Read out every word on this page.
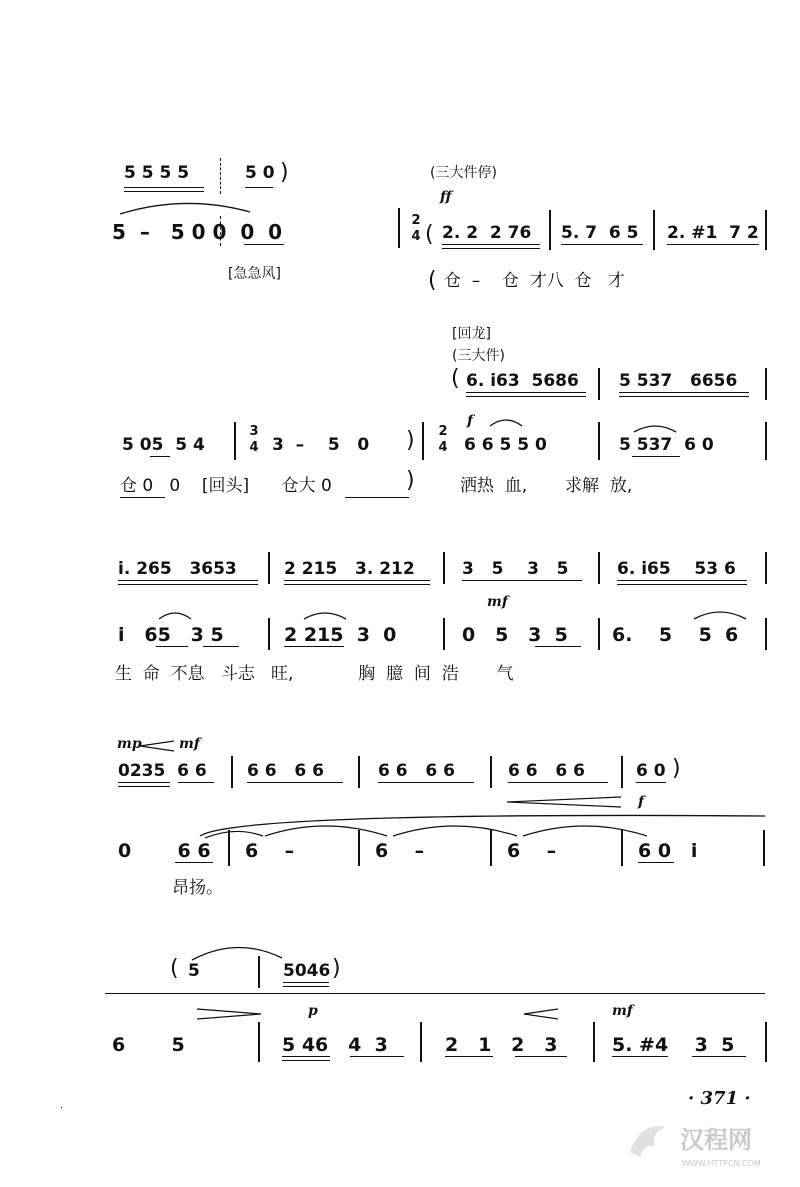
5 5 5 5	5 0 )
5  –   5 0 0  0  0	2
4
(三大件停)
ff
( 2. 2  2 76 5. 7  6 5 2. #1  7 2
[急急风]	( 仓  –    仓  才八  仓   才
[回龙]
(三大件)
( 6. i63  5686 5 537   6656
5 05  5 4
3
4 3  –    5   0 ) 2
4
f
6 6 5 5 0	5 537  6 0
仓 0   0    [回头]      仓大 0	)	洒热  血,       求解  放,
i. 265   3653	2 215   3. 212	3   5    3   5	6. i65    53 6
mf
i   65   3 5	2 215  3  0	0   5   3  5 6.    5    5  6
生  命  不息   斗志   旺,            胸  臆  间  浩       气
mp	mf
0235  6 6 6 6   6 6	6 6   6 6	6 6   6 6	6 0 )
f
0       6 6 6    –	6    –	6    –	6 0   i
昂扬。
( 5	5046 )
p	mf
6       5	5 46   4  3	2   1   2   3	5. #4    3  5
· 371 ·
·
汉程网
WWW.HTTPCN.COM
